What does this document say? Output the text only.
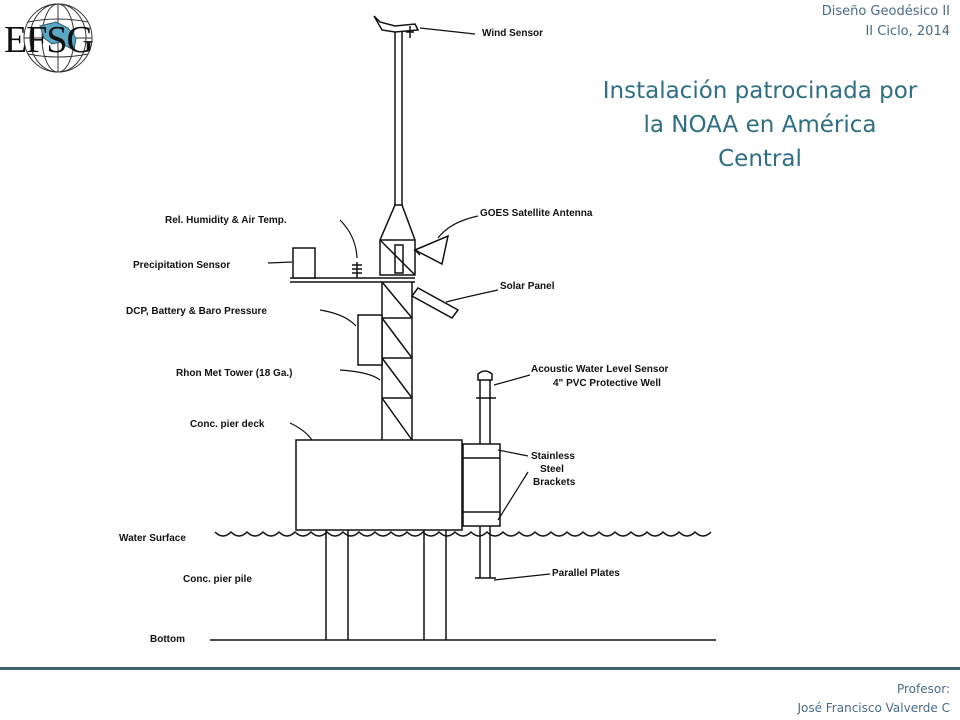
EFSG
Diseño Geodésico II
II Ciclo, 2014
Instalación patrocinada por
la NOAA en América
Central
Wind Sensor
Rel. Humidity & Air Temp.
GOES Satellite Antenna
Precipitation Sensor
Solar Panel
DCP, Battery & Baro Pressure
Acoustic Water Level Sensor
4" PVC Protective Well
Rhon Met Tower (18 Ga.)
Conc. pier deck
Stainless
Steel
Brackets
Water Surface
Conc. pier pile
Parallel Plates
Bottom
Profesor:
José Francisco Valverde C
